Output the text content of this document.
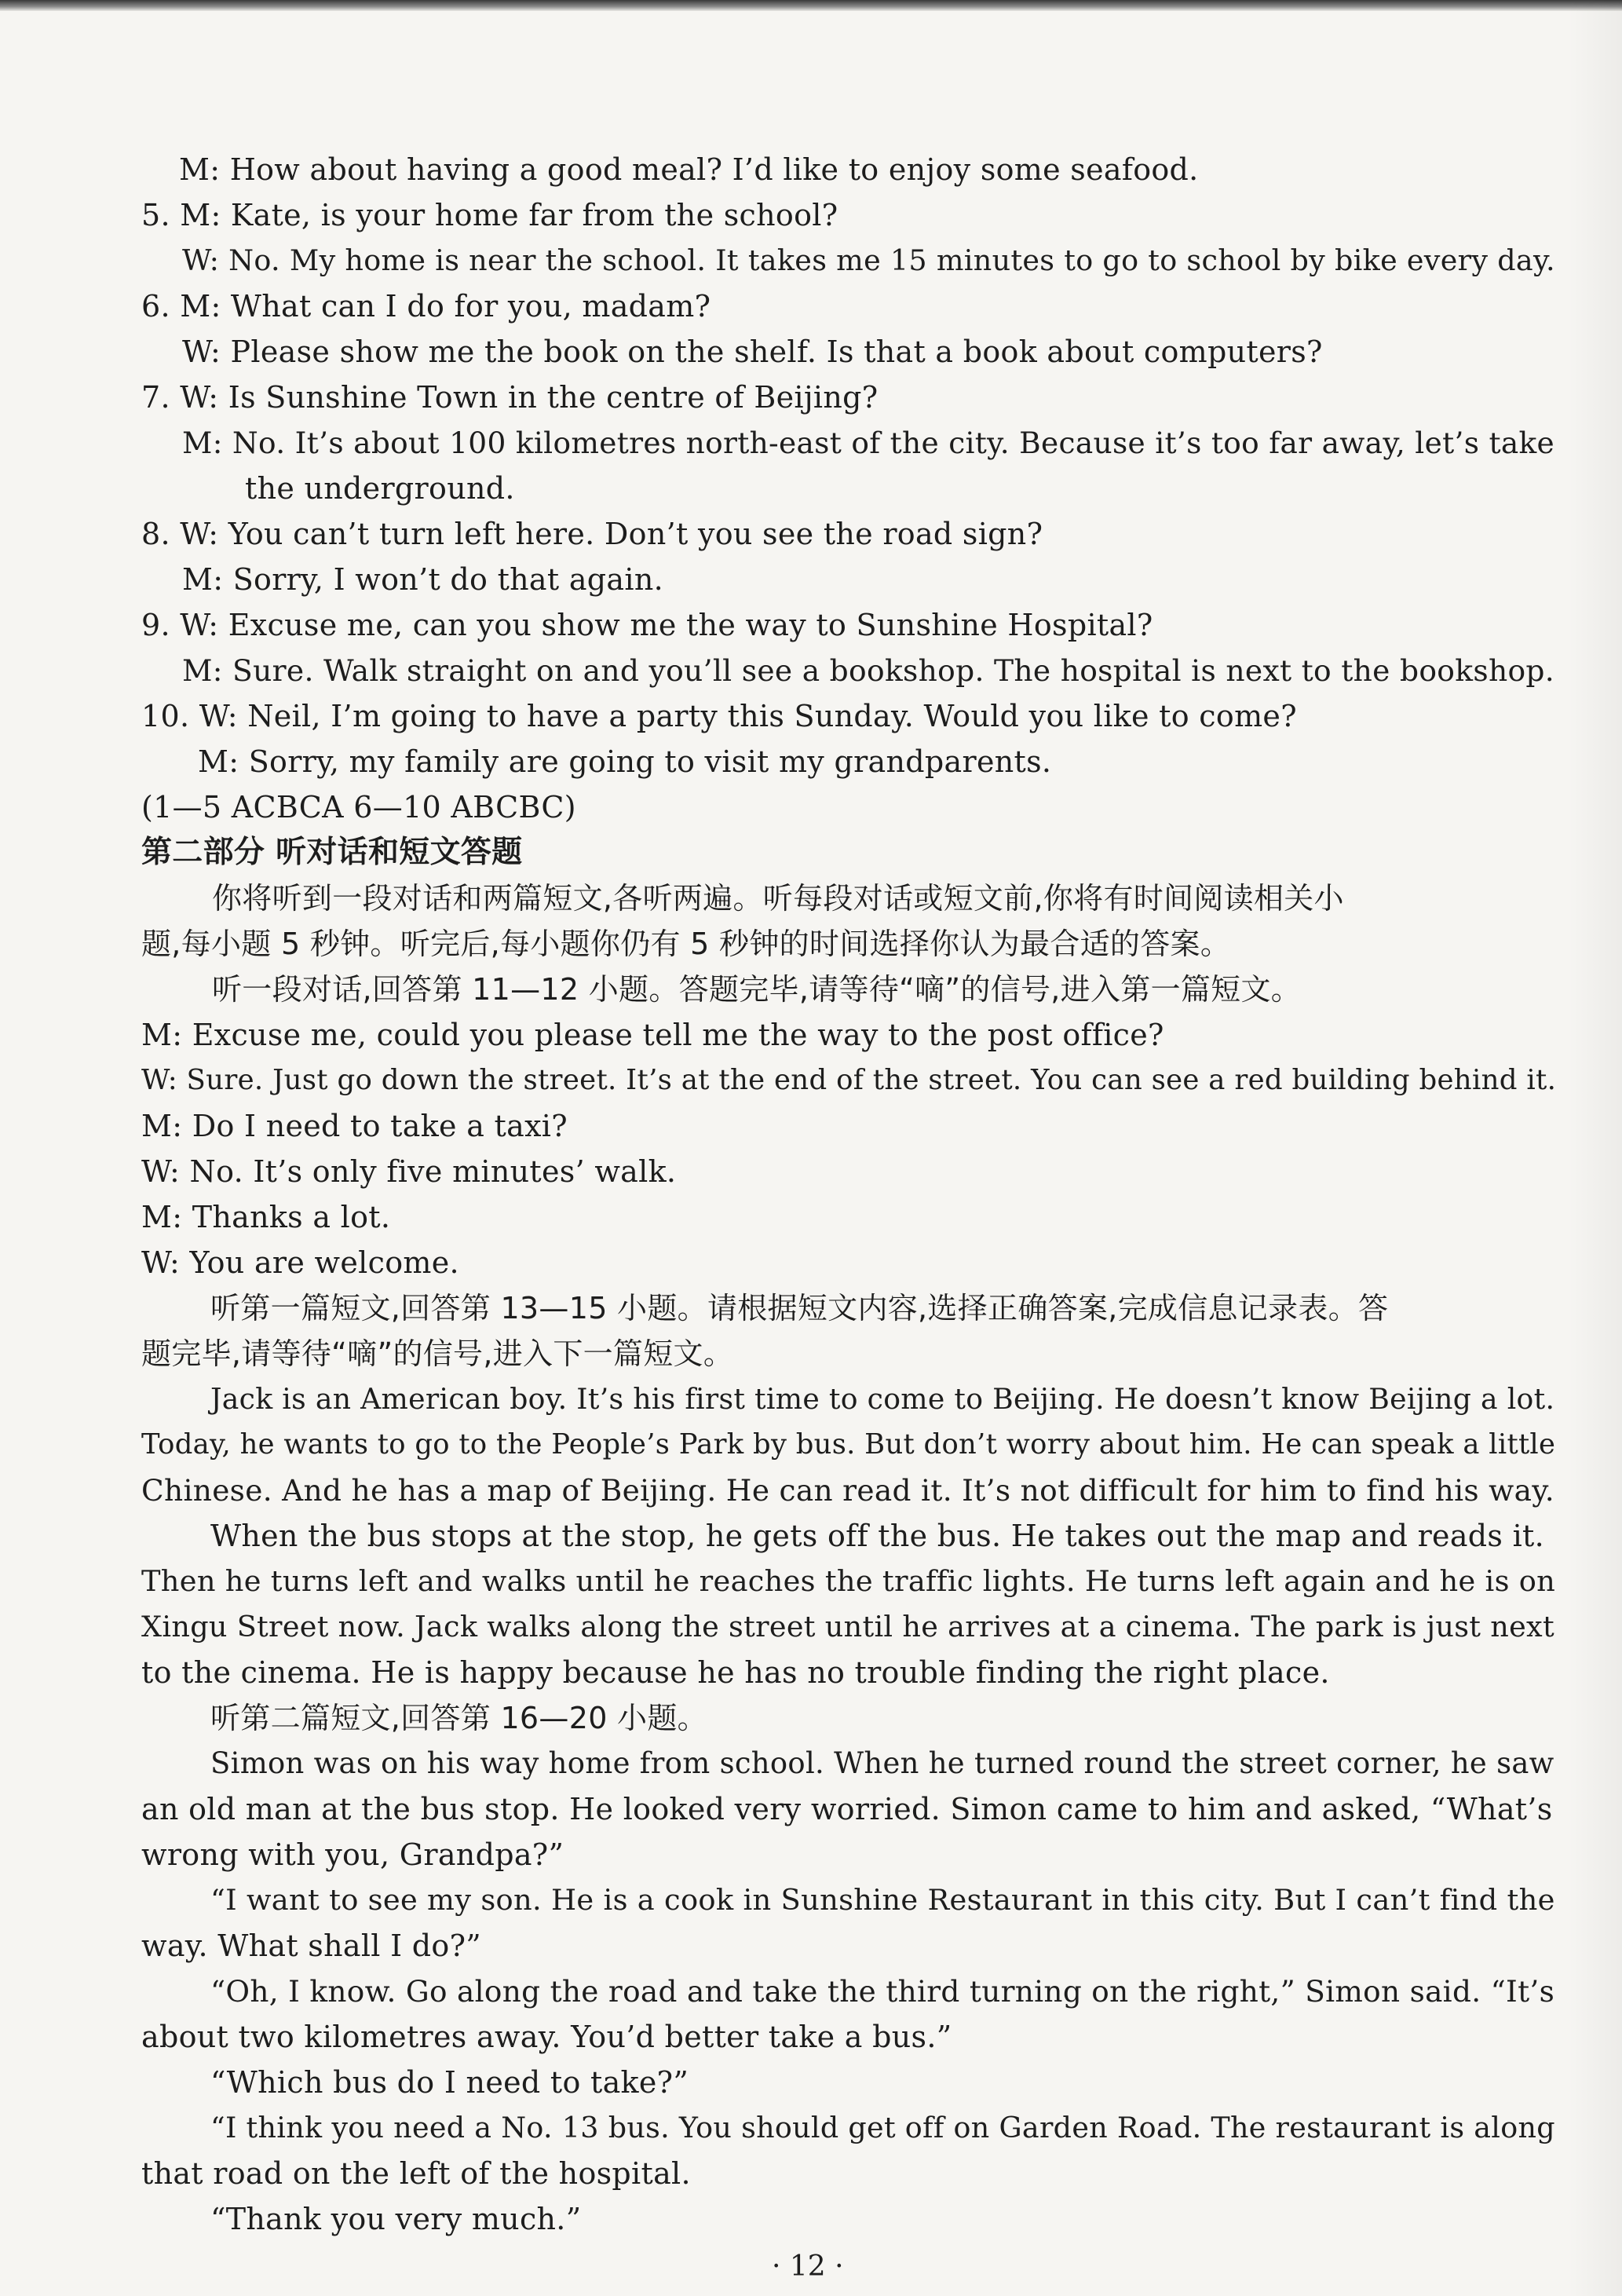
M: How about having a good meal? I’d like to enjoy some seafood.
5. M: Kate, is your home far from the school?
W: No. My home is near the school. It takes me 15 minutes to go to school by bike every day.
6. M: What can I do for you, madam?
W: Please show me the book on the shelf. Is that a book about computers?
7. W: Is Sunshine Town in the centre of Beijing?
M: No. It’s about 100 kilometres north-east of the city. Because it’s too far away, let’s take
the underground.
8. W: You can’t turn left here. Don’t you see the road sign?
M: Sorry, I won’t do that again.
9. W: Excuse me, can you show me the way to Sunshine Hospital?
M: Sure. Walk straight on and you’ll see a bookshop. The hospital is next to the bookshop.
10. W: Neil, I’m going to have a party this Sunday. Would you like to come?
M: Sorry, my family are going to visit my grandparents.
(1—5 ACBCA 6—10 ABCBC)
第二部分 听对话和短文答题
你将听到一段对话和两篇短文,各听两遍。听每段对话或短文前,你将有时间阅读相关小
题,每小题 5 秒钟。听完后,每小题你仍有 5 秒钟的时间选择你认为最合适的答案。
听一段对话,回答第 11—12 小题。答题完毕,请等待“嘀”的信号,进入第一篇短文。
M: Excuse me, could you please tell me the way to the post office?
W: Sure. Just go down the street. It’s at the end of the street. You can see a red building behind it.
M: Do I need to take a taxi?
W: No. It’s only five minutes’ walk.
M: Thanks a lot.
W: You are welcome.
听第一篇短文,回答第 13—15 小题。请根据短文内容,选择正确答案,完成信息记录表。答
题完毕,请等待“嘀”的信号,进入下一篇短文。
Jack is an American boy. It’s his first time to come to Beijing. He doesn’t know Beijing a lot.
Today, he wants to go to the People’s Park by bus. But don’t worry about him. He can speak a little
Chinese. And he has a map of Beijing. He can read it. It’s not difficult for him to find his way.
When the bus stops at the stop, he gets off the bus. He takes out the map and reads it.
Then he turns left and walks until he reaches the traffic lights. He turns left again and he is on
Xingu Street now. Jack walks along the street until he arrives at a cinema. The park is just next
to the cinema. He is happy because he has no trouble finding the right place.
听第二篇短文,回答第 16—20 小题。
Simon was on his way home from school. When he turned round the street corner, he saw
an old man at the bus stop. He looked very worried. Simon came to him and asked, “What’s
wrong with you, Grandpa?”
“I want to see my son. He is a cook in Sunshine Restaurant in this city. But I can’t find the
way. What shall I do?”
“Oh, I know. Go along the road and take the third turning on the right,” Simon said. “It’s
about two kilometres away. You’d better take a bus.”
“Which bus do I need to take?”
“I think you need a No. 13 bus. You should get off on Garden Road. The restaurant is along
that road on the left of the hospital.
“Thank you very much.”
· 12 ·
